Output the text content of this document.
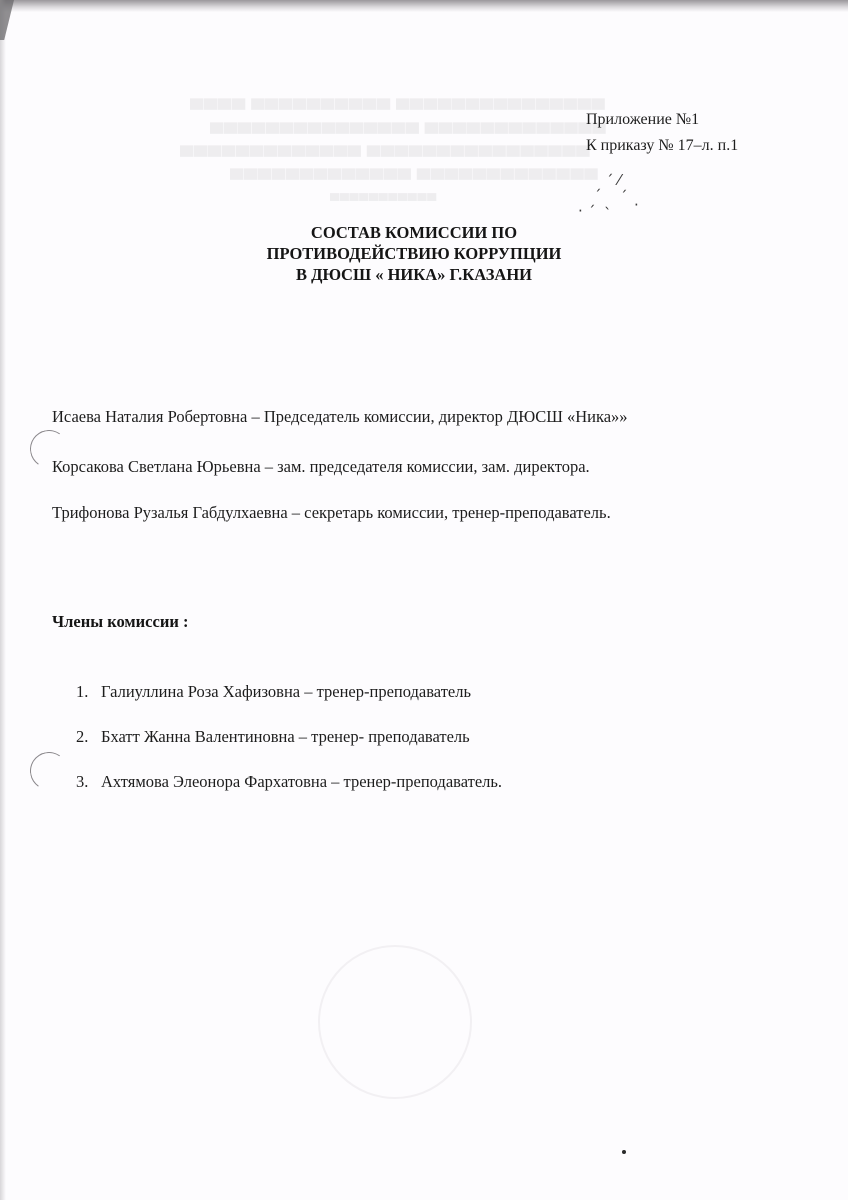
▄▄▄▄ ▄▄▄▄▄▄▄▄▄▄ ▄▄▄▄▄▄▄▄▄▄▄▄▄▄▄
▄▄▄▄▄▄▄▄▄▄▄▄▄▄▄ ▄▄▄▄▄▄▄▄▄▄▄▄▄
▄▄▄▄▄▄▄▄▄▄▄▄▄ ▄▄▄▄▄▄▄▄▄▄▄▄▄▄▄▄
▄▄▄▄▄▄▄▄▄▄▄▄▄ ▄▄▄▄▄▄▄▄▄▄▄▄▄
▄▄▄▄▄▄▄▄▄▄▄
ˏ ˊ ⁄
ˏ ˎ ˊ
·	·
Приложение №1
К приказу № 17–л. п.1
СОСТАВ КОМИССИИ ПО
ПРОТИВОДЕЙСТВИЮ КОРРУПЦИИ
В ДЮСШ « НИКА» Г.КАЗАНИ
Исаева Наталия Робертовна – Председатель комиссии, директор ДЮСШ «Ника»»
Корсакова Светлана Юрьевна – зам. председателя комиссии, зам. директора.
Трифонова Рузалья Габдулхаевна – секретарь комиссии, тренер-преподаватель.
Члены комиссии :
1. Галиуллина Роза Хафизовна – тренер-преподаватель
2. Бхатт Жанна Валентиновна – тренер- преподаватель
3. Ахтямова Элеонора Фархатовна – тренер-преподаватель.
